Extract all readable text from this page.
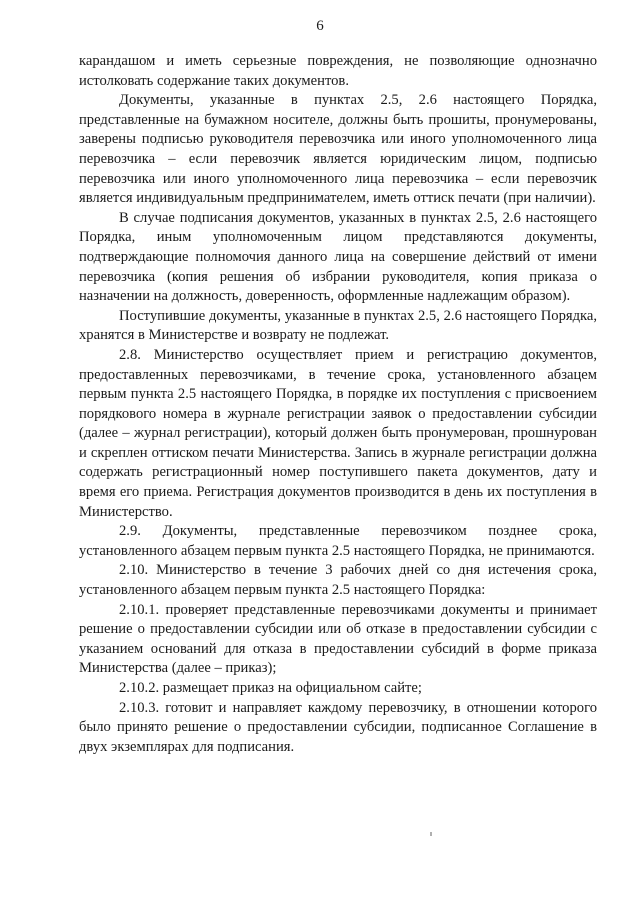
6

карандашом и иметь серьезные повреждения, не позволяющие однозначно истолковать содержание таких документов.

Документы, указанные в пунктах 2.5, 2.6 настоящего Порядка, представленные на бумажном носителе, должны быть прошиты, пронумерованы, заверены подписью руководителя перевозчика или иного уполномоченного лица перевозчика – если перевозчик является юридическим лицом, подписью перевозчика или иного уполномоченного лица перевозчика – если перевозчик является индивидуальным предпринимателем, иметь оттиск печати (при наличии).

В случае подписания документов, указанных в пунктах 2.5, 2.6 настоящего Порядка, иным уполномоченным лицом представляются документы, подтверждающие полномочия данного лица на совершение действий от имени перевозчика (копия решения об избрании руководителя, копия приказа о назначении на должность, доверенность, оформленные надлежащим образом).

Поступившие документы, указанные в пунктах 2.5, 2.6 настоящего Порядка, хранятся в Министерстве и возврату не подлежат.

2.8. Министерство осуществляет прием и регистрацию документов, предоставленных перевозчиками, в течение срока, установленного абзацем первым пункта 2.5 настоящего Порядка, в порядке их поступления с присвоением порядкового номера в журнале регистрации заявок о предоставлении субсидии (далее – журнал регистрации), который должен быть пронумерован, прошнурован и скреплен оттиском печати Министерства. Запись в журнале регистрации должна содержать регистрационный номер поступившего пакета документов, дату и время его приема. Регистрация документов производится в день их поступления в Министерство.

2.9. Документы, представленные перевозчиком позднее срока, установленного абзацем первым пункта 2.5 настоящего Порядка, не принимаются.

2.10. Министерство в течение 3 рабочих дней со дня истечения срока, установленного абзацем первым пункта 2.5 настоящего Порядка:

2.10.1. проверяет представленные перевозчиками документы и принимает решение о предоставлении субсидии или об отказе в предоставлении субсидии с указанием оснований для отказа в предоставлении субсидий в форме приказа Министерства (далее – приказ);

2.10.2. размещает приказ на официальном сайте;

2.10.3. готовит и направляет каждому перевозчику, в отношении которого было принято решение о предоставлении субсидии, подписанное Соглашение в двух экземплярах для подписания.
